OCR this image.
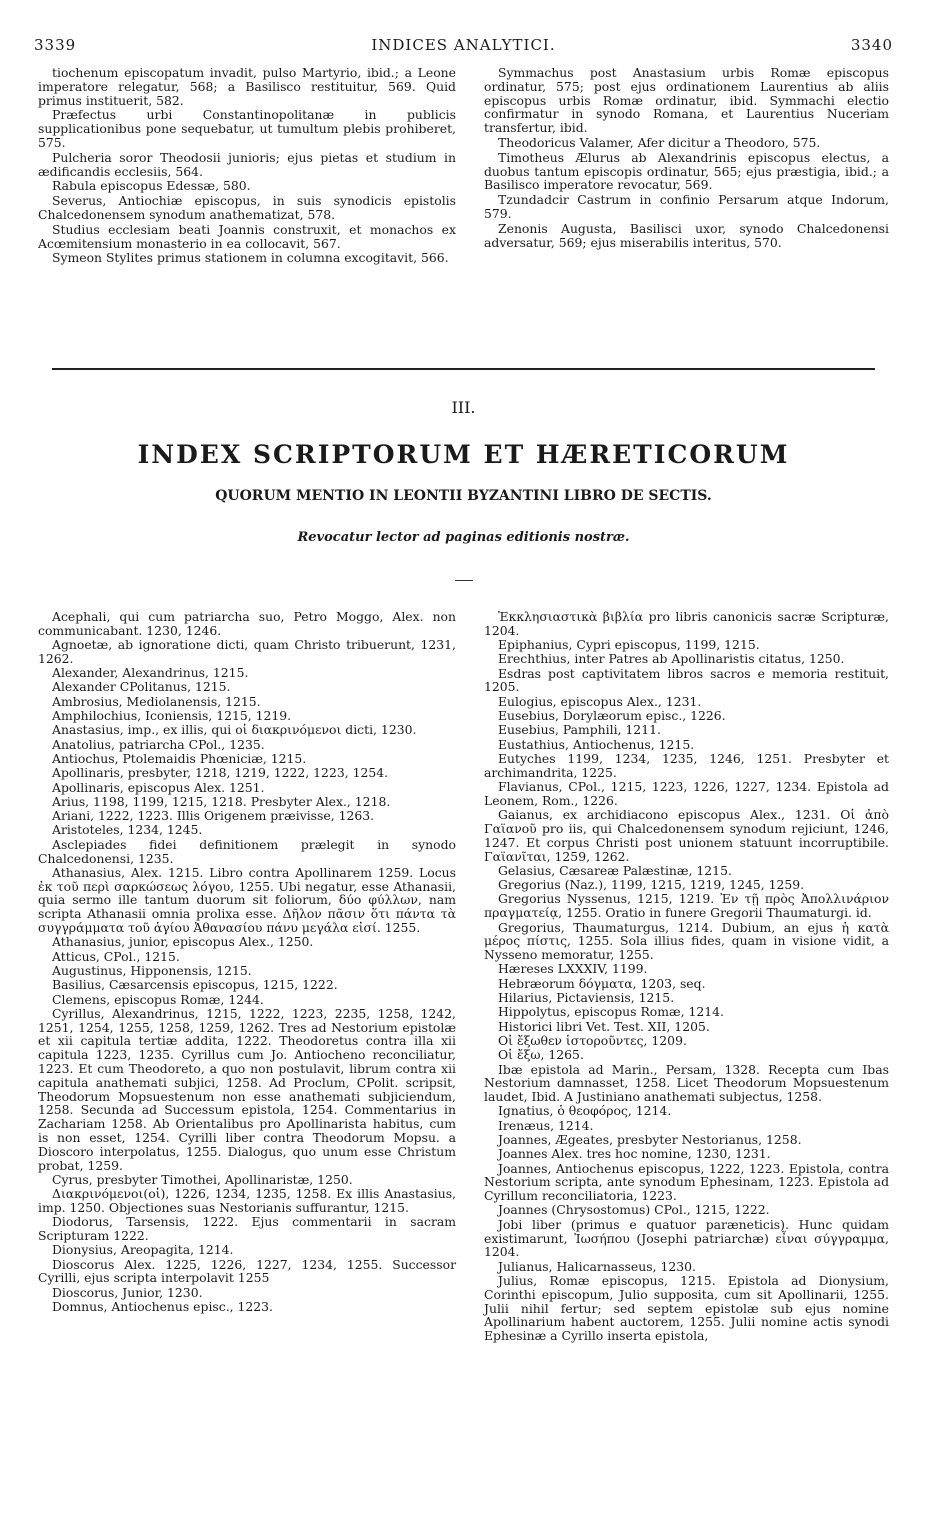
3339	INDICES ANALYTICI.	3340

tiochenum episcopatum invadit, pulso Martyrio, ibid.; a Leone imperatore relegatur, 568; a Basilisco restituitur, 569. Quid primus instituerit, 582.

Præfectus urbi Constantinopolitanæ in publicis supplicationibus pone sequebatur, ut tumultum plebis prohiberet, 575.

Pulcheria soror Theodosii junioris; ejus pietas et studium in ædificandis ecclesiis, 564.

Rabula episcopus Edessæ, 580.

Severus, Antiochiæ episcopus, in suis synodicis epistolis Chalcedonensem synodum anathematizat, 578.

Studius ecclesiam beati Joannis construxit, et monachos ex Acœmitensium monasterio in ea collocavit, 567.

Symeon Stylites primus stationem in columna excogitavit, 566.

Symmachus post Anastasium urbis Romæ episcopus ordinatur, 575; post ejus ordinationem Laurentius ab aliis episcopus urbis Romæ ordinatur, ibid. Symmachi electio confirmatur in synodo Romana, et Laurentius Nuceriam transfertur, ibid.

Theodoricus Valamer, Afer dicitur a Theodoro, 575.

Timotheus Ælurus ab Alexandrinis episcopus electus, a duobus tantum episcopis ordinatur, 565; ejus præstigia, ibid.; a Basilisco imperatore revocatur, 569.

Tzundadcir Castrum in confinio Persarum atque Indorum, 579.

Zenonis Augusta, Basilisci uxor, synodo Chalcedonensi adversatur, 569; ejus miserabilis interitus, 570.

III.
INDEX SCRIPTORUM ET HÆRETICORUM
QUORUM MENTIO IN LEONTII BYZANTINI LIBRO DE SECTIS.
Revocatur lector ad paginas editionis nostræ.

Acephali, qui cum patriarcha suo, Petro Moggo, Alex. non communicabant. 1230, 1246.

Agnoetæ, ab ignoratione dicti, quam Christo tribuerunt, 1231, 1262.

Alexander, Alexandrinus, 1215.

Alexander CPolitanus, 1215.

Ambrosius, Mediolanensis, 1215.

Amphilochius, Iconiensis, 1215, 1219.

Anastasius, imp., ex illis, qui οἱ διακρινόμενοι dicti, 1230.

Anatolius, patriarcha CPol., 1235.

Antiochus, Ptolemaidis Phœniciæ, 1215.

Apollinaris, presbyter, 1218, 1219, 1222, 1223, 1254.

Apollinaris, episcopus Alex. 1251.

Arius, 1198, 1199, 1215, 1218. Presbyter Alex., 1218.

Ariani, 1222, 1223. Illis Origenem præivisse, 1263.

Aristoteles, 1234, 1245.

Asclepiades fidei definitionem prælegit in synodo Chalcedonensi, 1235.

Athanasius, Alex. 1215. Libro contra Apollinarem 1259. Locus ἐκ τοῦ περὶ σαρκώσεως λόγου, 1255. Ubi negatur, esse Athanasii, quia sermo ille tantum duorum sit foliorum, δύο φύλλων, nam scripta Athanasii omnia prolixa esse. Δῆλον πᾶσιν ὅτι πάντα τὰ συγγράμματα τοῦ ἁγίου Ἀθανασίου πάνυ μεγάλα εἰσί. 1255.

Athanasius, junior, episcopus Alex., 1250.

Atticus, CPol., 1215.

Augustinus, Hipponensis, 1215.

Basilius, Cæsarcensis episcopus, 1215, 1222.

Clemens, episcopus Romæ, 1244.

Cyrillus, Alexandrinus, 1215, 1222, 1223, 2235, 1258, 1242, 1251, 1254, 1255, 1258, 1259, 1262. Tres ad Nestorium epistolæ et xii capitula tertiæ addita, 1222. Theodoretus contra illa xii capitula 1223, 1235. Cyrillus cum Jo. Antiocheno reconciliatur, 1223. Et cum Theodoreto, a quo non postulavit, librum contra xii capitula anathemati subjici, 1258. Ad Proclum, CPolit. scripsit, Theodorum Mopsuestenum non esse anathemati subjiciendum, 1258. Secunda ad Successum epistola, 1254. Commentarius in Zachariam 1258. Ab Orientalibus pro Apollinarista habitus, cum is non esset, 1254. Cyrilli liber contra Theodorum Mopsu. a Dioscoro interpolatus, 1255. Dialogus, quo unum esse Christum probat, 1259.

Cyrus, presbyter Timothei, Apollinaristæ, 1250.

Διακρινόμενοι(οἱ), 1226, 1234, 1235, 1258. Ex illis Anastasius, imp. 1250. Objectiones suas Nestorianis suffurantur, 1215.

Diodorus, Tarsensis, 1222. Ejus commentarii in sacram Scripturam 1222.

Dionysius, Areopagita, 1214.

Dioscorus Alex. 1225, 1226, 1227, 1234, 1255. Successor Cyrilli, ejus scripta interpolavit 1255

Dioscorus, Junior, 1230.

Domnus, Antiochenus episc., 1223.

Ἐκκλησιαστικὰ βιβλία pro libris canonicis sacræ Scripturæ, 1204.

Epiphanius, Cypri episcopus, 1199, 1215.

Erechthius, inter Patres ab Apollinaristis citatus, 1250.

Esdras post captivitatem libros sacros e memoria restituit, 1205.

Eulogius, episcopus Alex., 1231.

Eusebius, Dorylæorum episc., 1226.

Eusebius, Pamphili, 1211.

Eustathius, Antiochenus, 1215.

Eutyches 1199, 1234, 1235, 1246, 1251. Presbyter et archimandrita, 1225.

Flavianus, CPol., 1215, 1223, 1226, 1227, 1234. Epistola ad Leonem, Rom., 1226.

Gaianus, ex archidiacono episcopus Alex., 1231. Οἱ ἀπὸ Γαϊανοῦ pro iis, qui Chalcedonensem synodum rejiciunt, 1246, 1247. Et corpus Christi post unionem statuunt incorruptibile. Γαϊανῖται, 1259, 1262.

Gelasius, Cæsareæ Palæstinæ, 1215.

Gregorius (Naz.), 1199, 1215, 1219, 1245, 1259.

Gregorius Nyssenus, 1215, 1219. Ἐν τῇ πρὸς Ἀπολλινάριον πραγματείᾳ, 1255. Oratio in funere Gregorii Thaumaturgi. id.

Gregorius, Thaumaturgus, 1214. Dubium, an ejus ἡ κατὰ μέρος πίστις, 1255. Sola illius fides, quam in visione vidit, a Nysseno memoratur, 1255.

Hæreses LXXXIV, 1199.

Hebræorum δόγματα, 1203, seq.

Hilarius, Pictaviensis, 1215.

Hippolytus, episcopus Romæ, 1214.

Historici libri Vet. Test. XII, 1205.

Οἱ ἔξωθεν ἱστοροῦντες, 1209.

Οἱ ἔξω, 1265.

Ibæ epistola ad Marin., Persam, 1328. Recepta cum Ibas Nestorium damnasset, 1258. Licet Theodorum Mopsuestenum laudet, Ibid. A Justiniano anathemati subjectus, 1258.

Ignatius, ὁ θεοφόρος, 1214.

Irenæus, 1214.

Joannes, Ægeates, presbyter Nestorianus, 1258.

Joannes Alex. tres hoc nomine, 1230, 1231.

Joannes, Antiochenus episcopus, 1222, 1223. Epistola, contra Nestorium scripta, ante synodum Ephesinam, 1223. Epistola ad Cyrillum reconciliatoria, 1223.

Joannes (Chrysostomus) CPol., 1215, 1222.

Jobi liber (primus e quatuor paræneticis). Hunc quidam existimarunt, Ἰωσήπου (Josephi patriarchæ) εἶναι σύγγραμμα, 1204.

Julianus, Halicarnasseus, 1230.

Julius, Romæ episcopus, 1215. Epistola ad Dionysium, Corinthi episcopum, Julio supposita, cum sit Apollinarii, 1255. Julii nihil fertur; sed septem epistolæ sub ejus nomine Apollinarium habent auctorem, 1255. Julii nomine actis synodi Ephesinæ a Cyrillo inserta epistola,
